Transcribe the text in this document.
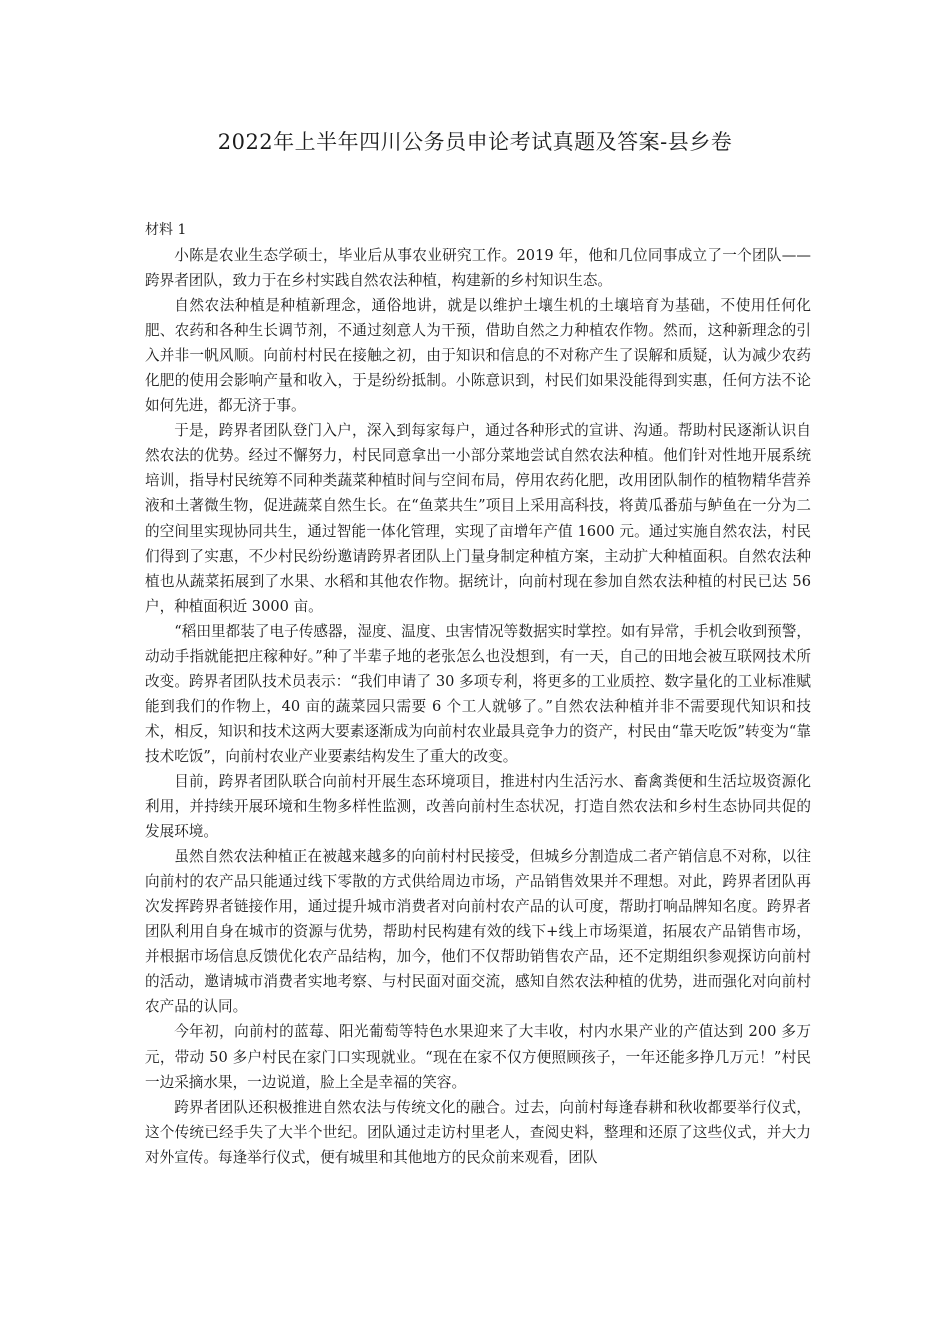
2022年上半年四川公务员申论考试真题及答案-县乡卷

材料 1

小陈是农业生态学硕士，毕业后从事农业研究工作。2019 年，他和几位同事成立了一个团队——跨界者团队，致力于在乡村实践自然农法种植，构建新的乡村知识生态。

自然农法种植是种植新理念，通俗地讲，就是以维护土壤生机的土壤培育为基础，不使用任何化肥、农药和各种生长调节剂，不通过刻意人为干预，借助自然之力种植农作物。然而，这种新理念的引入并非一帆风顺。向前村村民在接触之初，由于知识和信息的不对称产生了误解和质疑，认为减少农药化肥的使用会影响产量和收入，于是纷纷抵制。小陈意识到，村民们如果没能得到实惠，任何方法不论如何先进，都无济于事。

于是，跨界者团队登门入户，深入到每家每户，通过各种形式的宣讲、沟通。帮助村民逐渐认识自然农法的优势。经过不懈努力，村民同意拿出一小部分菜地尝试自然农法种植。他们针对性地开展系统培训，指导村民统筹不同种类蔬菜种植时间与空间布局，停用农药化肥，改用团队制作的植物精华营养液和土著微生物，促进蔬菜自然生长。在“鱼菜共生”项目上采用高科技，将黄瓜番茄与鲈鱼在一分为二的空间里实现协同共生，通过智能一体化管理，实现了亩增年产值 1600 元。通过实施自然农法，村民们得到了实惠，不少村民纷纷邀请跨界者团队上门量身制定种植方案，主动扩大种植面积。自然农法种植也从蔬菜拓展到了水果、水稻和其他农作物。据统计，向前村现在参加自然农法种植的村民已达 56 户，种植面积近 3000 亩。

“稻田里都装了电子传感器，湿度、温度、虫害情况等数据实时掌控。如有异常，手机会收到预警，动动手指就能把庄稼种好。”种了半辈子地的老张怎么也没想到，有一天，自己的田地会被互联网技术所改变。跨界者团队技术员表示：“我们申请了 30 多项专利，将更多的工业质控、数字量化的工业标准赋能到我们的作物上，40 亩的蔬菜园只需要 6 个工人就够了。”自然农法种植并非不需要现代知识和技术，相反，知识和技术这两大要素逐渐成为向前村农业最具竞争力的资产，村民由“靠天吃饭”转变为“靠技术吃饭”，向前村农业产业要素结构发生了重大的改变。

目前，跨界者团队联合向前村开展生态环境项目，推进村内生活污水、畜禽粪便和生活垃圾资源化利用，并持续开展环境和生物多样性监测，改善向前村生态状况，打造自然农法和乡村生态协同共促的发展环境。

虽然自然农法种植正在被越来越多的向前村村民接受，但城乡分割造成二者产销信息不对称，以往向前村的农产品只能通过线下零散的方式供给周边市场，产品销售效果并不理想。对此，跨界者团队再次发挥跨界者链接作用，通过提升城市消费者对向前村农产品的认可度，帮助打响品牌知名度。跨界者团队利用自身在城市的资源与优势，帮助村民构建有效的线下+线上市场渠道，拓展农产品销售市场，并根据市场信息反馈优化农产品结构，加今，他们不仅帮助销售农产品，还不定期组织参观探访向前村的活动，邀请城市消费者实地考察、与村民面对面交流，感知自然农法种植的优势，进而强化对向前村农产品的认同。

今年初，向前村的蓝莓、阳光葡萄等特色水果迎来了大丰收，村内水果产业的产值达到 200 多万元，带动 50 多户村民在家门口实现就业。“现在在家不仅方便照顾孩子，一年还能多挣几万元！”村民一边采摘水果，一边说道，脸上全是幸福的笑容。

跨界者团队还积极推进自然农法与传统文化的融合。过去，向前村每逢春耕和秋收都要举行仪式，这个传统已经手失了大半个世纪。团队通过走访村里老人，查阅史料，整理和还原了这些仪式，并大力对外宣传。每逢举行仪式，便有城里和其他地方的民众前来观看，团队
